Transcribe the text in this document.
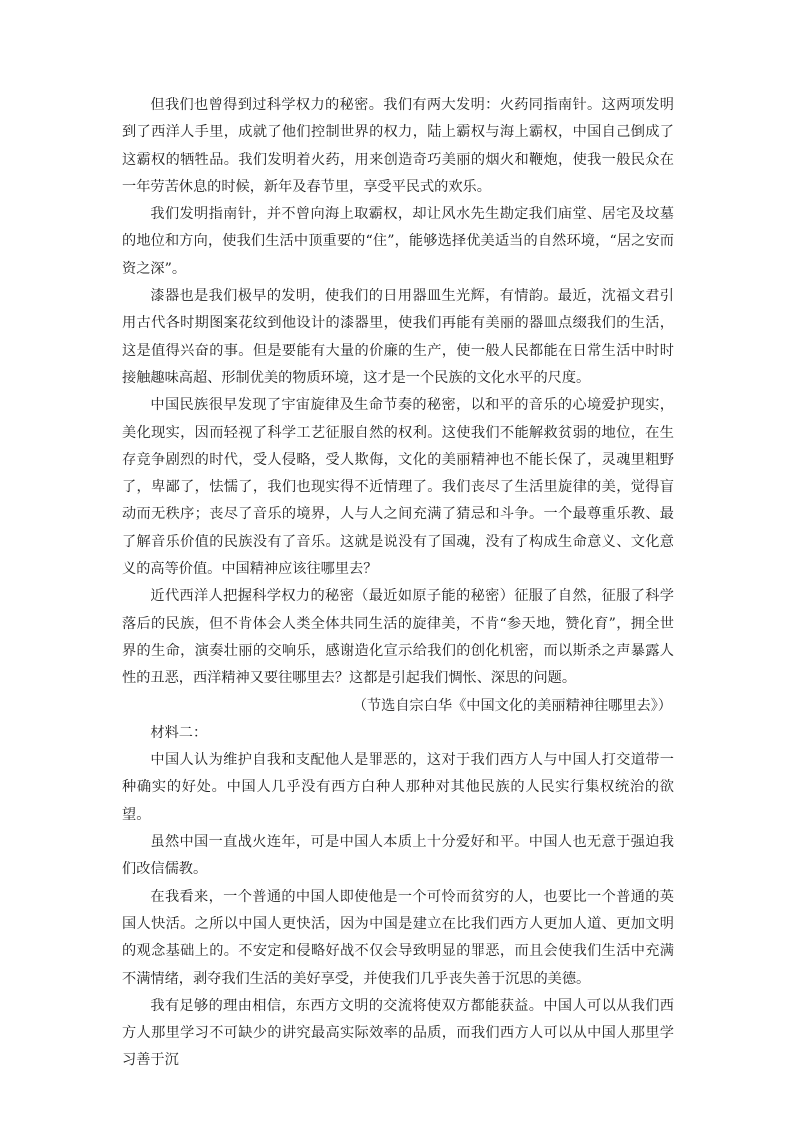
但我们也曾得到过科学权力的秘密。我们有两大发明：火药同指南针。这两项发明到了西洋人手里，成就了他们控制世界的权力，陆上霸权与海上霸权，中国自己倒成了这霸权的牺牲品。我们发明着火药，用来创造奇巧美丽的烟火和鞭炮，使我一般民众在一年劳苦休息的时候，新年及春节里，享受平民式的欢乐。

我们发明指南针，并不曾向海上取霸权，却让风水先生勘定我们庙堂、居宅及坟墓的地位和方向，使我们生活中顶重要的“住”，能够选择优美适当的自然环境，“居之安而资之深”。

漆器也是我们极早的发明，使我们的日用器皿生光辉，有情韵。最近，沈福文君引用古代各时期图案花纹到他设计的漆器里，使我们再能有美丽的器皿点缀我们的生活，这是值得兴奋的事。但是要能有大量的价廉的生产，使一般人民都能在日常生活中时时接触趣味高超、形制优美的物质环境，这才是一个民族的文化水平的尺度。

中国民族很早发现了宇宙旋律及生命节奏的秘密，以和平的音乐的心境爱护现实，美化现实，因而轻视了科学工艺征服自然的权利。这使我们不能解救贫弱的地位，在生存竞争剧烈的时代，受人侵略，受人欺侮，文化的美丽精神也不能长保了，灵魂里粗野了，卑鄙了，怯懦了，我们也现实得不近情理了。我们丧尽了生活里旋律的美，觉得盲动而无秩序；丧尽了音乐的境界，人与人之间充满了猜忌和斗争。一个最尊重乐教、最了解音乐价值的民族没有了音乐。这就是说没有了国魂，没有了构成生命意义、文化意义的高等价值。中国精神应该往哪里去？

近代西洋人把握科学权力的秘密（最近如原子能的秘密）征服了自然，征服了科学落后的民族，但不肯体会人类全体共同生活的旋律美，不肯“参天地，赞化育”，拥全世界的生命，演奏壮丽的交响乐，感谢造化宣示给我们的创化机密，而以斯杀之声暴露人性的丑恶，西洋精神又要往哪里去？这都是引起我们惆怅、深思的问题。

（节选自宗白华《中国文化的美丽精神往哪里去》）

材料二：

中国人认为维护自我和支配他人是罪恶的，这对于我们西方人与中国人打交道带一种确实的好处。中国人几乎没有西方白种人那种对其他民族的人民实行集权统治的欲望。

虽然中国一直战火连年，可是中国人本质上十分爱好和平。中国人也无意于强迫我们改信儒教。

在我看来，一个普通的中国人即使他是一个可怜而贫穷的人，也要比一个普通的英国人快活。之所以中国人更快活，因为中国是建立在比我们西方人更加人道、更加文明的观念基础上的。不安定和侵略好战不仅会导致明显的罪恶，而且会使我们生活中充满不满情绪，剥夺我们生活的美好享受，并使我们几乎丧失善于沉思的美德。

我有足够的理由相信，东西方文明的交流将使双方都能获益。中国人可以从我们西方人那里学习不可缺少的讲究最高实际效率的品质，而我们西方人可以从中国人那里学习善于沉
